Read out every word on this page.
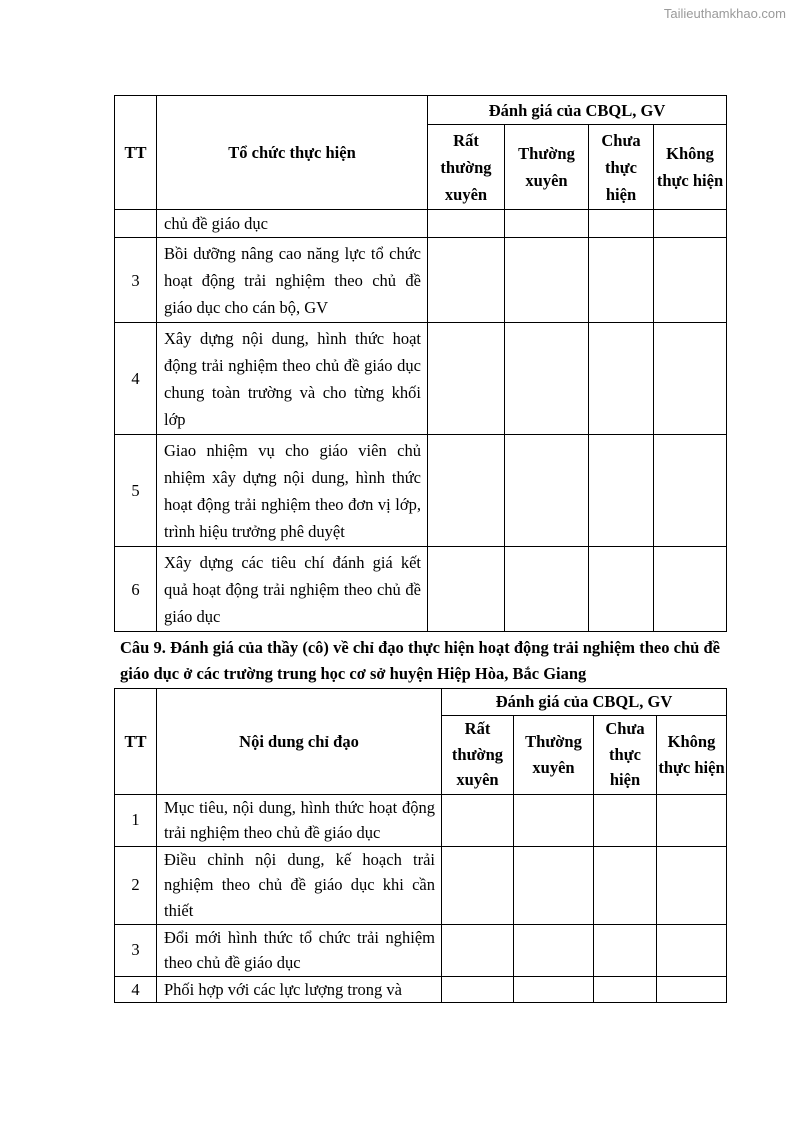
Tailieuthamkhao.com
TT	Tổ chức thực hiện	Đánh giá của CBQL, GV			
		Rất thường xuyên	Thường xuyên	Chưa thực hiện	Không thực hiện
	chủ đề giáo dục				
3	Bồi dưỡng nâng cao năng lực tổ chức hoạt động trải nghiệm theo chủ đề giáo dục cho cán bộ, GV				
4	Xây dựng nội dung, hình thức hoạt động trải nghiệm theo chủ đề giáo dục chung toàn trường và cho từng khối lớp				
5	Giao nhiệm vụ cho giáo viên chủ nhiệm xây dựng nội dung, hình thức hoạt động trải nghiệm theo đơn vị lớp, trình hiệu trưởng phê duyệt				
6	Xây dựng các tiêu chí đánh giá kết quả hoạt động trải nghiệm theo chủ đề giáo dục				
Câu 9. Đánh giá của thầy (cô) về chỉ đạo thực hiện hoạt động trải nghiệm theo chủ đề giáo dục ở các trường trung học cơ sở huyện Hiệp Hòa, Bắc Giang
TT	Nội dung chỉ đạo	Đánh giá của CBQL, GV			
		Rất thường xuyên	Thường xuyên	Chưa thực hiện	Không thực hiện
1	Mục tiêu, nội dung, hình thức hoạt động trải nghiệm theo chủ đề giáo dục				
2	Điều chỉnh nội dung, kế hoạch trải nghiệm theo chủ đề giáo dục khi cần thiết				
3	Đổi mới hình thức tổ chức trải nghiệm theo chủ đề giáo dục				
4	Phối hợp với các lực lượng trong và				
